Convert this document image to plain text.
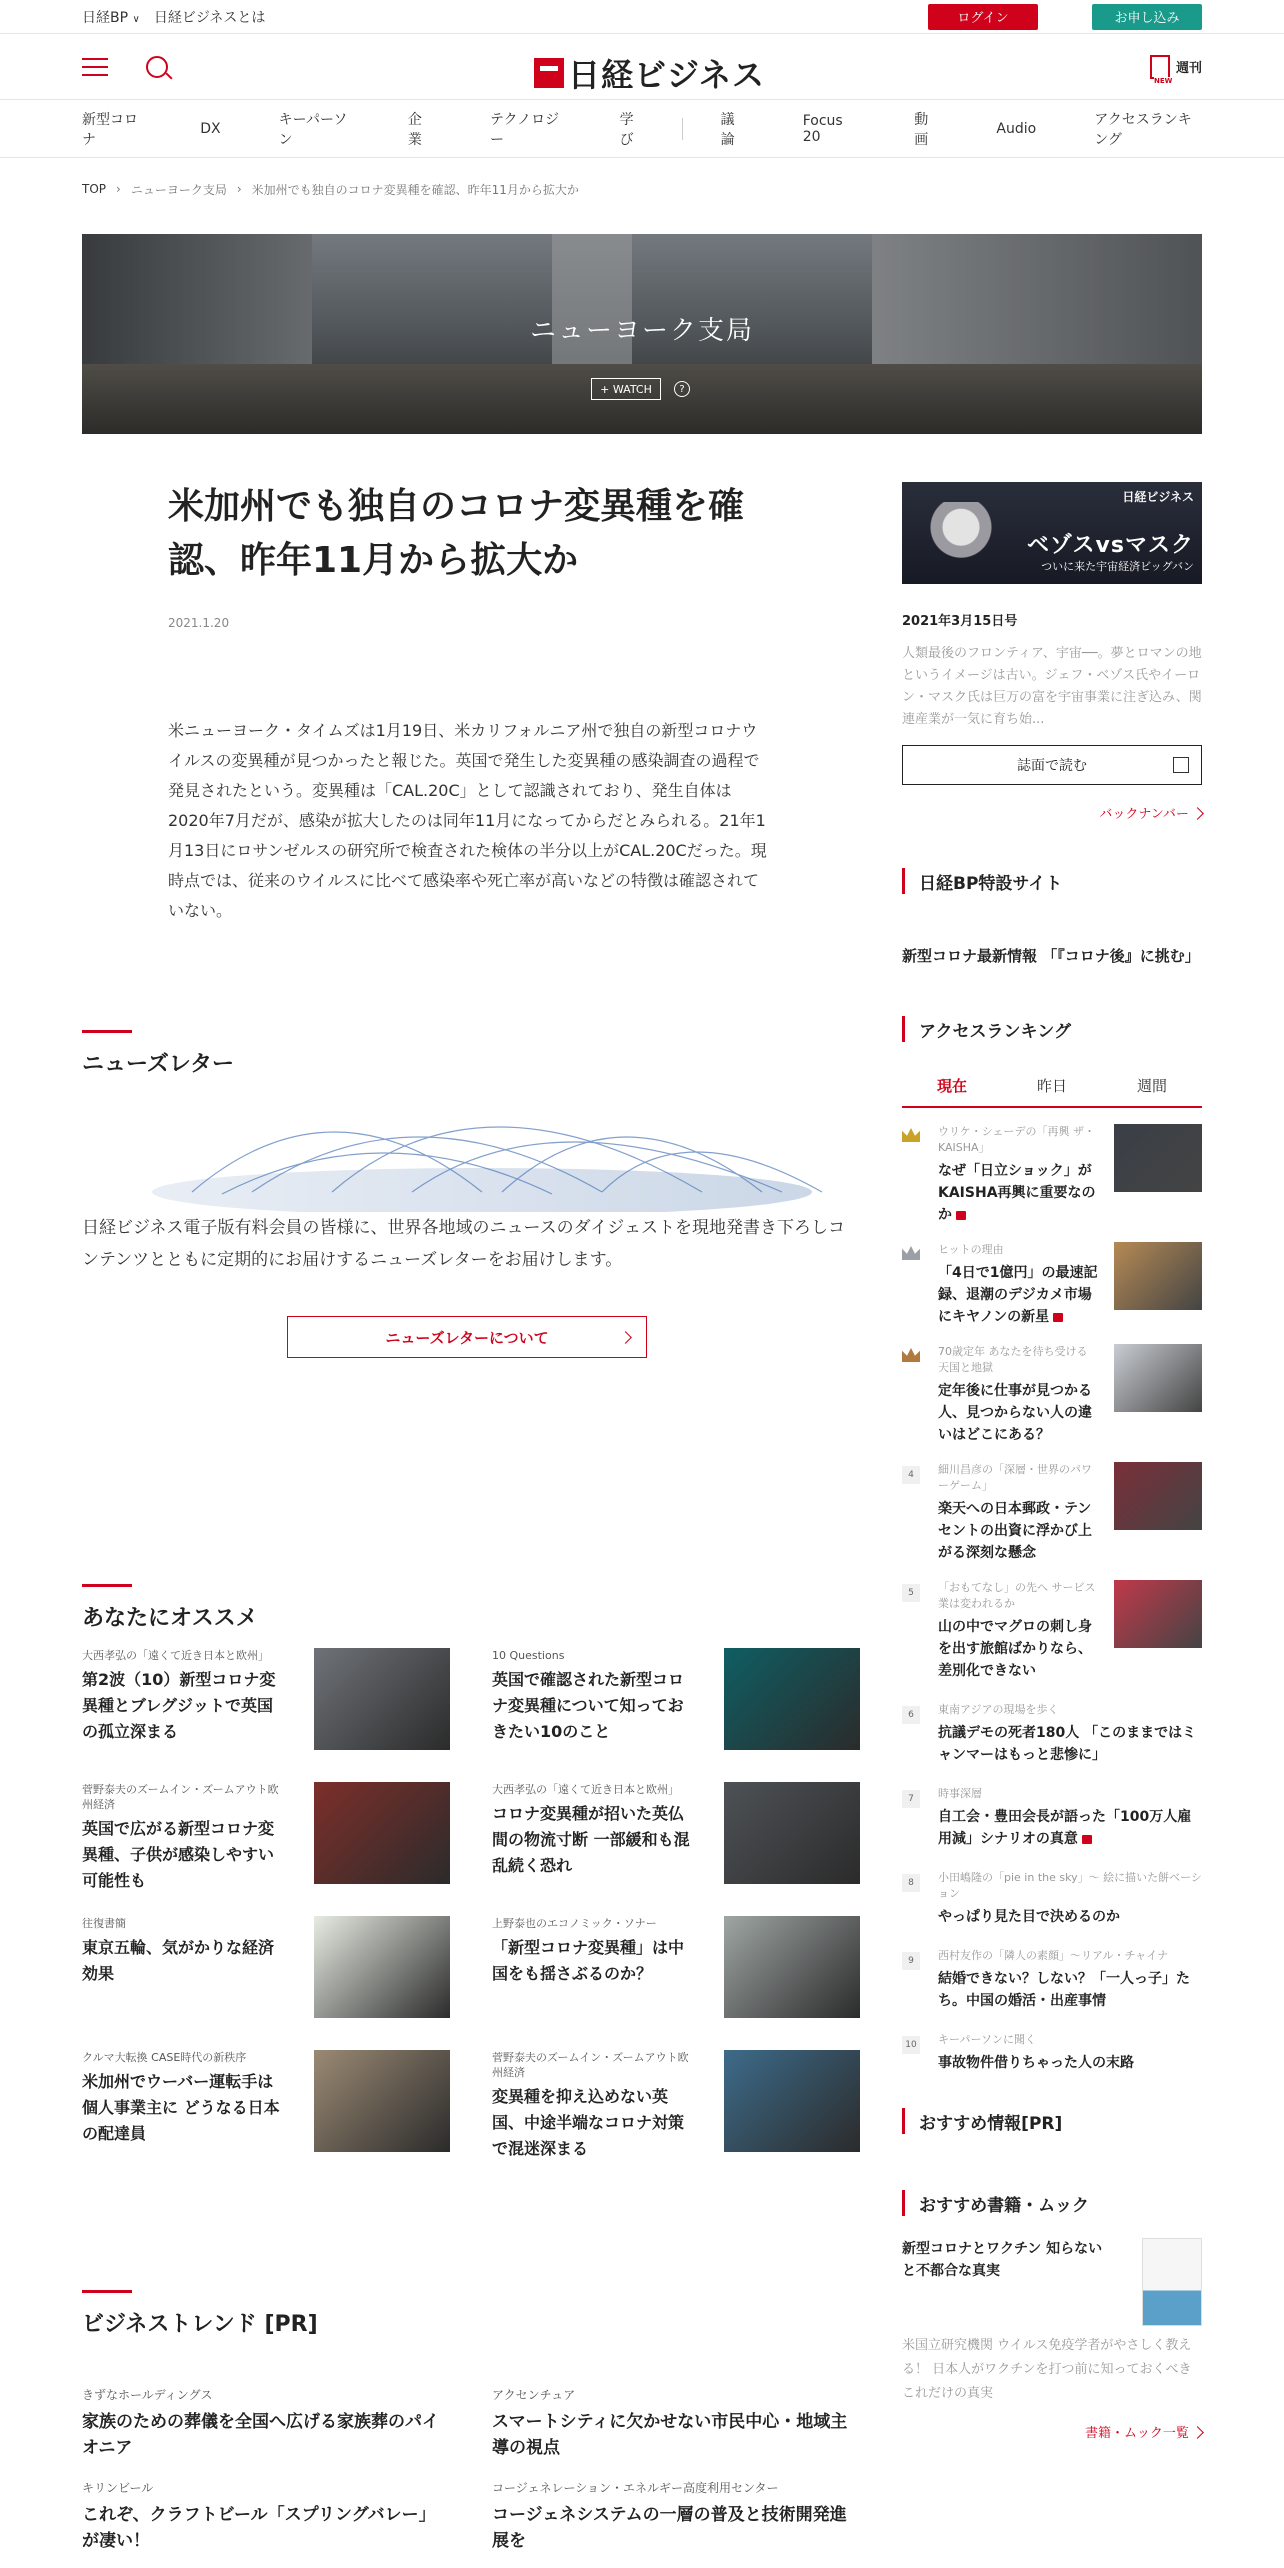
日経BP ∨ 日経ビジネスとは	ログイン	お申し込み
日経ビジネス	NEW
週刊
新型コロナ
DX
キーパーソン
企業
テクノロジー
学び
議論
Focus 20
動画
Audio
アクセスランキング
TOP › ニューヨーク支局 › 米加州でも独自のコロナ変異種を確認、昨年11月から拡大か
ニューヨーク支局
+ WATCH	?
米加州でも独自のコロナ変異種を確認、昨年11月から拡大か
2021.1.20

米ニューヨーク・タイムズは1月19日、米カリフォルニア州で独自の新型コロナウイルスの変異種が見つかったと報じた。英国で発生した変異種の感染調査の過程で発見されたという。変異種は「CAL.20C」として認識されており、発生自体は2020年7月だが、感染が拡大したのは同年11月になってからだとみられる。21年1月13日にロサンゼルスの研究所で検査された検体の半分以上がCAL.20Cだった。現時点では、従来のウイルスに比べて感染率や死亡率が高いなどの特徴は確認されていない。

日経ビジネス
ベゾスvsマスク
ついに来た宇宙経済ビッグバン
2021年3月15日号
人類最後のフロンティア、宇宙──。夢とロマンの地というイメージは古い。ジェフ・ベゾス氏やイーロン・マスク氏は巨万の富を宇宙事業に注ぎ込み、関連産業が一気に育ち始...
誌面で読む
バックナンバー
日経BP特設サイト
新型コロナ最新情報 「『コロナ後』に挑む」
アクセスランキング
現在	昨日	週間
ウリケ・シェーデの「再興 ザ・KAISHA」
なぜ「日立ショック」がKAISHA再興に重要なのか
ヒットの理由
「4日で1億円」の最速記録、退潮のデジカメ市場にキヤノンの新星
70歳定年 あなたを待ち受ける天国と地獄
定年後に仕事が見つかる人、見つからない人の違いはどこにある？
4	細川昌彦の「深層・世界のパワーゲーム」
楽天への日本郵政・テンセントの出資に浮かび上がる深刻な懸念
5	「おもてなし」の先へ サービス業は変われるか
山の中でマグロの刺し身を出す旅館ばかりなら、差別化できない
6	東南アジアの現場を歩く
抗議デモの死者180人 「このままではミャンマーはもっと悲惨に」
7	時事深層
自工会・豊田会長が語った「100万人雇用減」シナリオの真意
8	小田嶋隆の「pie in the sky」〜 絵に描いた餅ベーション
やっぱり見た目で決めるのか
9	西村友作の「隣人の素顔」～リアル・チャイナ
結婚できない？しない？「一人っ子」たち。中国の婚活・出産事情
10	キーパーソンに聞く
事故物件借りちゃった人の末路
おすすめ情報[PR]
おすすめ書籍・ムック
新型コロナとワクチン 知らないと不都合な真実
米国立研究機関 ウイルス免疫学者がやさしく教える！ 日本人がワクチンを打つ前に知っておくべきこれだけの真実
書籍・ムック一覧
ニューズレター

日経ビジネス電子版有料会員の皆様に、世界各地域のニュースのダイジェストを現地発書き下ろしコンテンツとともに定期的にお届けするニューズレターをお届けします。

ニューズレターについて
あなたにオススメ
大西孝弘の「遠くて近き日本と欧州」
第2波（10）新型コロナ変異種とブレグジットで英国の孤立深まる
10 Questions
英国で確認された新型コロナ変異種について知っておきたい10のこと
菅野泰夫のズームイン・ズームアウト欧州経済
英国で広がる新型コロナ変異種、子供が感染しやすい可能性も
大西孝弘の「遠くて近き日本と欧州」
コロナ変異種が招いた英仏間の物流寸断 一部緩和も混乱続く恐れ
往復書簡
東京五輪、気がかりな経済効果
上野泰也のエコノミック・ソナー
「新型コロナ変異種」は中国をも揺さぶるのか？
クルマ大転換 CASE時代の新秩序
米加州でウーバー運転手は個人事業主に どうなる日本の配達員
菅野泰夫のズームイン・ズームアウト欧州経済
変異種を抑え込めない英国、中途半端なコロナ対策で混迷深まる
ビジネストレンド [PR]
きずなホールディングス
家族のための葬儀を全国へ広げる家族葬のパイオニア
アクセンチュア
スマートシティに欠かせない市民中心・地域主導の視点
キリンビール
これぞ、クラフトビール「スプリングバレー」が凄い！
コージェネレーション・エネルギー高度利用センター
コージェネシステムの一層の普及と技術開発進展を
